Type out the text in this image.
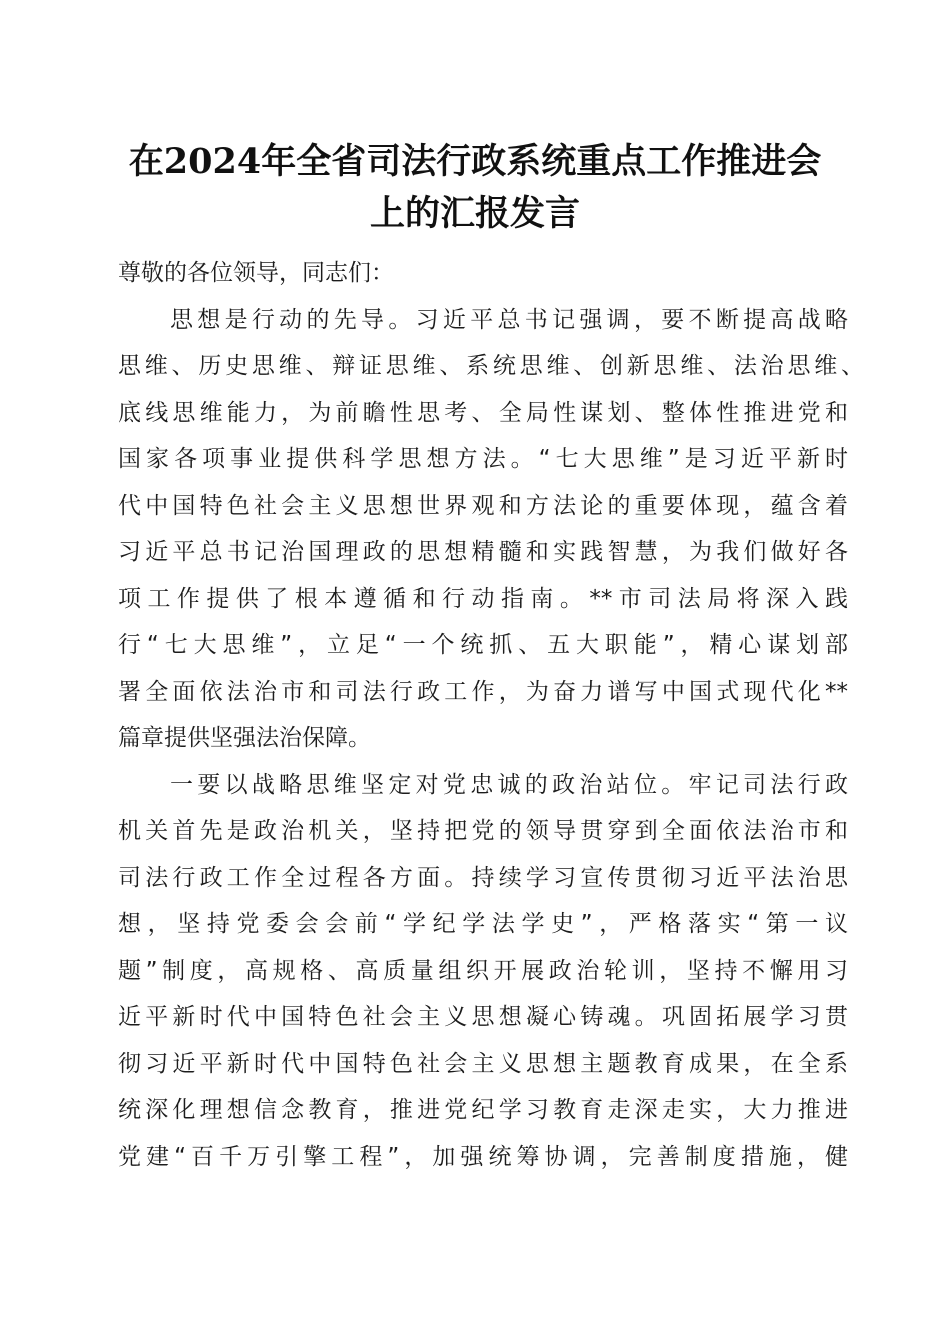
在2024年全省司法行政系统重点工作推进会
上的汇报发言
尊敬的各位领导，同志们：
思想是行动的先导。习近平总书记强调，要不断提高战略
思维、历史思维、辩证思维、系统思维、创新思维、法治思维、
底线思维能力，为前瞻性思考、全局性谋划、整体性推进党和
国家各项事业提供科学思想方法。“七大思维”是习近平新时
代中国特色社会主义思想世界观和方法论的重要体现，蕴含着
习近平总书记治国理政的思想精髓和实践智慧，为我们做好各
项工作提供了根本遵循和行动指南。**市司法局将深入践
行“七大思维”，立足“一个统抓、五大职能”，精心谋划部
署全面依法治市和司法行政工作，为奋力谱写中国式现代化**
篇章提供坚强法治保障。
一要以战略思维坚定对党忠诚的政治站位。牢记司法行政
机关首先是政治机关，坚持把党的领导贯穿到全面依法治市和
司法行政工作全过程各方面。持续学习宣传贯彻习近平法治思
想，坚持党委会会前“学纪学法学史”，严格落实“第一议
题”制度，高规格、高质量组织开展政治轮训，坚持不懈用习
近平新时代中国特色社会主义思想凝心铸魂。巩固拓展学习贯
彻习近平新时代中国特色社会主义思想主题教育成果，在全系
统深化理想信念教育，推进党纪学习教育走深走实，大力推进
党建“百千万引擎工程”，加强统筹协调，完善制度措施，健
